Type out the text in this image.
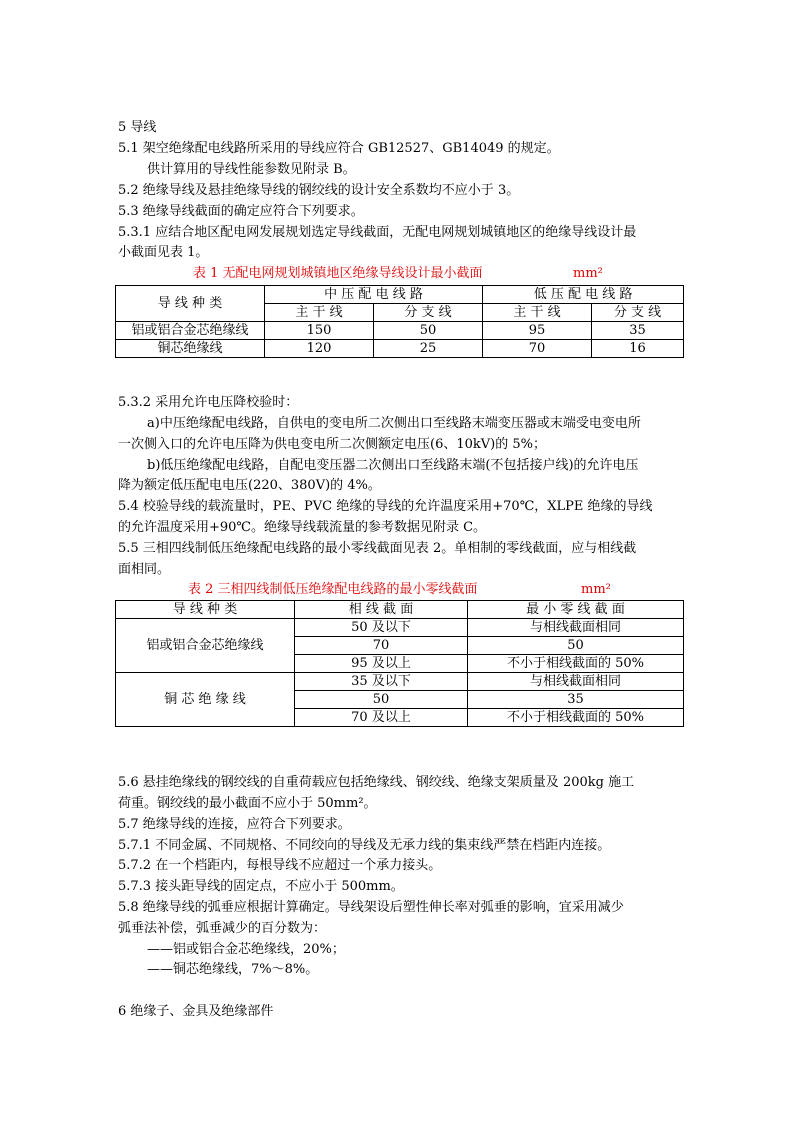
5 导线
5.1 架空绝缘配电线路所采用的导线应符合 GB12527、GB14049 的规定。
供计算用的导线性能参数见附录 B。
5.2 绝缘导线及悬挂绝缘导线的钢绞线的设计安全系数均不应小于 3。
5.3 绝缘导线截面的确定应符合下列要求。
5.3.1 应结合地区配电网发展规划选定导线截面，无配电网规划城镇地区的绝缘导线设计最
小截面见表 1。
表 1 无配电网规划城镇地区绝缘导线设计最小截面	mm²
导 线 种 类	中 压 配 电 线 路		低 压 配 电 线 路	
	主 干 线	分 支 线	主 干 线	分 支 线
铝或铝合金芯绝缘线	150	50	95	35
铜芯绝缘线	120	25	70	16
5.3.2 采用允许电压降校验时：
a)中压绝缘配电线路，自供电的变电所二次侧出口至线路末端变压器或末端受电变电所
一次侧入口的允许电压降为供电变电所二次侧额定电压(6、10kV)的 5%；
b)低压绝缘配电线路，自配电变压器二次侧出口至线路末端(不包括接户线)的允许电压
降为额定低压配电电压(220、380V)的 4%。
5.4 校验导线的载流量时，PE、PVC 绝缘的导线的允许温度采用+70℃，XLPE 绝缘的导线
的允许温度采用+90℃。绝缘导线载流量的参考数据见附录 C。
5.5 三相四线制低压绝缘配电线路的最小零线截面见表 2。单相制的零线截面，应与相线截
面相同。
表 2 三相四线制低压绝缘配电线路的最小零线截面	mm²
导 线 种 类	相 线 截 面	最 小 零 线 截 面
铝或铝合金芯绝缘线	50 及以下	与相线截面相同
	70	50
	95 及以上	不小于相线截面的 50%
铜 芯 绝 缘 线	35 及以下	与相线截面相同
	50	35
	70 及以上	不小于相线截面的 50%
5.6 悬挂绝缘线的钢绞线的自重荷载应包括绝缘线、钢绞线、绝缘支架质量及 200kg 施工
荷重。钢绞线的最小截面不应小于 50mm²。
5.7 绝缘导线的连接，应符合下列要求。
5.7.1 不同金属、不同规格、不同绞向的导线及无承力线的集束线严禁在档距内连接。
5.7.2 在一个档距内，每根导线不应超过一个承力接头。
5.7.3 接头距导线的固定点，不应小于 500mm。
5.8 绝缘导线的弧垂应根据计算确定。导线架设后塑性伸长率对弧垂的影响，宜采用减少
弧垂法补偿，弧垂减少的百分数为：
——铝或铝合金芯绝缘线，20%；
——铜芯绝缘线，7%～8%。
6 绝缘子、金具及绝缘部件
